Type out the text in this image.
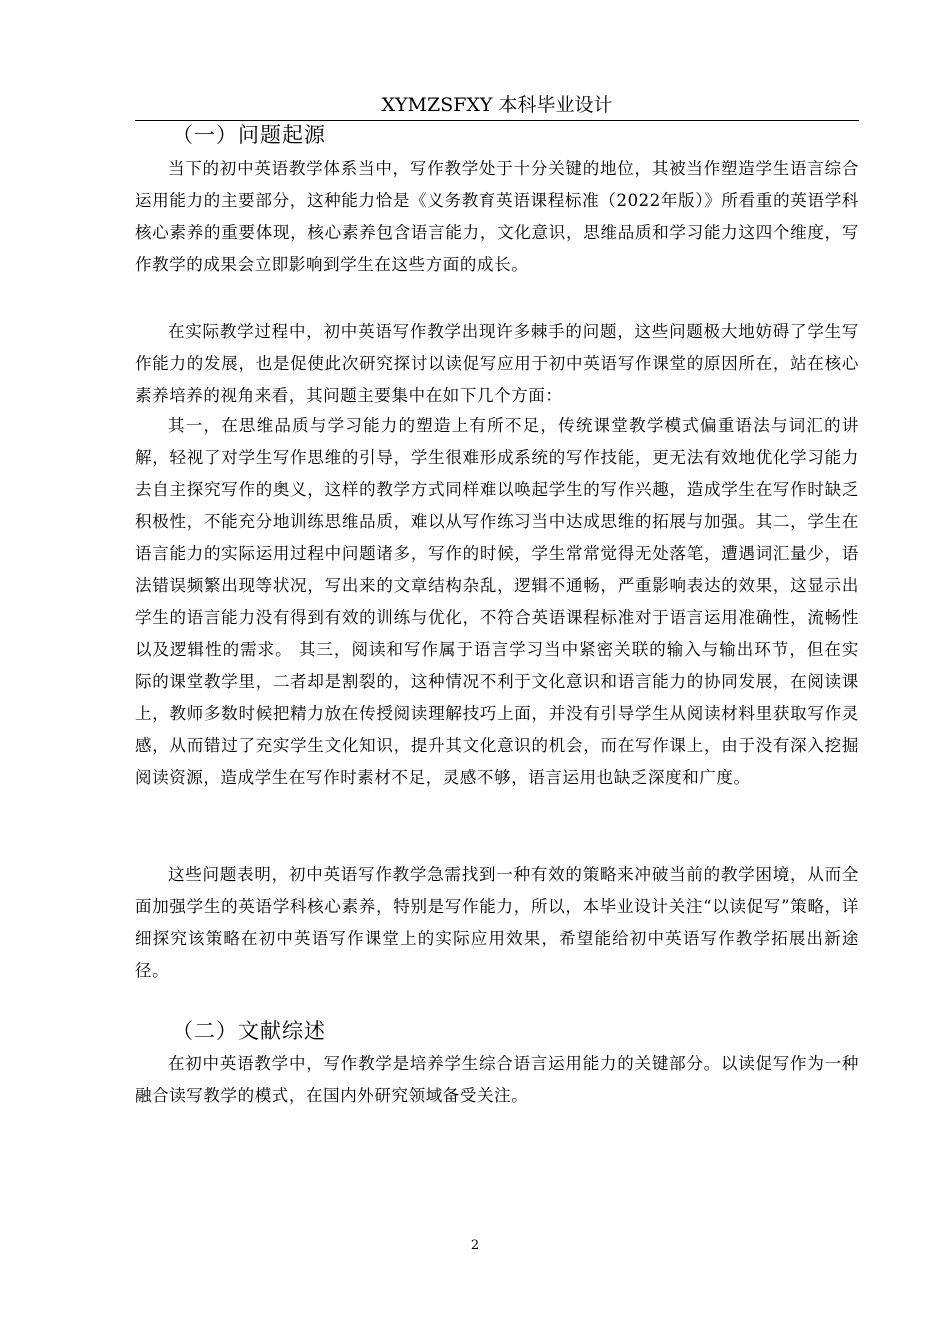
XYMZSFXY 本科毕业设计
（一）问题起源

当下的初中英语教学体系当中，写作教学处于十分关键的地位，其被当作塑造学生语言综合运用能力的主要部分，这种能力恰是《义务教育英语课程标准（2022年版）》所看重的英语学科核心素养的重要体现，核心素养包含语言能力，文化意识，思维品质和学习能力这四个维度，写作教学的成果会立即影响到学生在这些方面的成长。

在实际教学过程中，初中英语写作教学出现许多棘手的问题，这些问题极大地妨碍了学生写作能力的发展，也是促使此次研究探讨以读促写应用于初中英语写作课堂的原因所在，站在核心素养培养的视角来看，其问题主要集中在如下几个方面：

其一，在思维品质与学习能力的塑造上有所不足，传统课堂教学模式偏重语法与词汇的讲解，轻视了对学生写作思维的引导，学生很难形成系统的写作技能，更无法有效地优化学习能力去自主探究写作的奥义，这样的教学方式同样难以唤起学生的写作兴趣，造成学生在写作时缺乏积极性，不能充分地训练思维品质，难以从写作练习当中达成思维的拓展与加强。其二，学生在语言能力的实际运用过程中问题诸多，写作的时候，学生常常觉得无处落笔，遭遇词汇量少，语法错误频繁出现等状况，写出来的文章结构杂乱，逻辑不通畅，严重影响表达的效果，这显示出学生的语言能力没有得到有效的训练与优化，不符合英语课程标准对于语言运用准确性，流畅性以及逻辑性的需求。 其三，阅读和写作属于语言学习当中紧密关联的输入与输出环节，但在实际的课堂教学里，二者却是割裂的，这种情况不利于文化意识和语言能力的协同发展，在阅读课上，教师多数时候把精力放在传授阅读理解技巧上面，并没有引导学生从阅读材料里获取写作灵感，从而错过了充实学生文化知识，提升其文化意识的机会，而在写作课上，由于没有深入挖掘阅读资源，造成学生在写作时素材不足，灵感不够，语言运用也缺乏深度和广度。

这些问题表明，初中英语写作教学急需找到一种有效的策略来冲破当前的教学困境，从而全面加强学生的英语学科核心素养，特别是写作能力，所以，本毕业设计关注“以读促写”策略，详细探究该策略在初中英语写作课堂上的实际应用效果，希望能给初中英语写作教学拓展出新途径。

（二）文献综述

在初中英语教学中，写作教学是培养学生综合语言运用能力的关键部分。以读促写作为一种融合读写教学的模式，在国内外研究领域备受关注。

2
